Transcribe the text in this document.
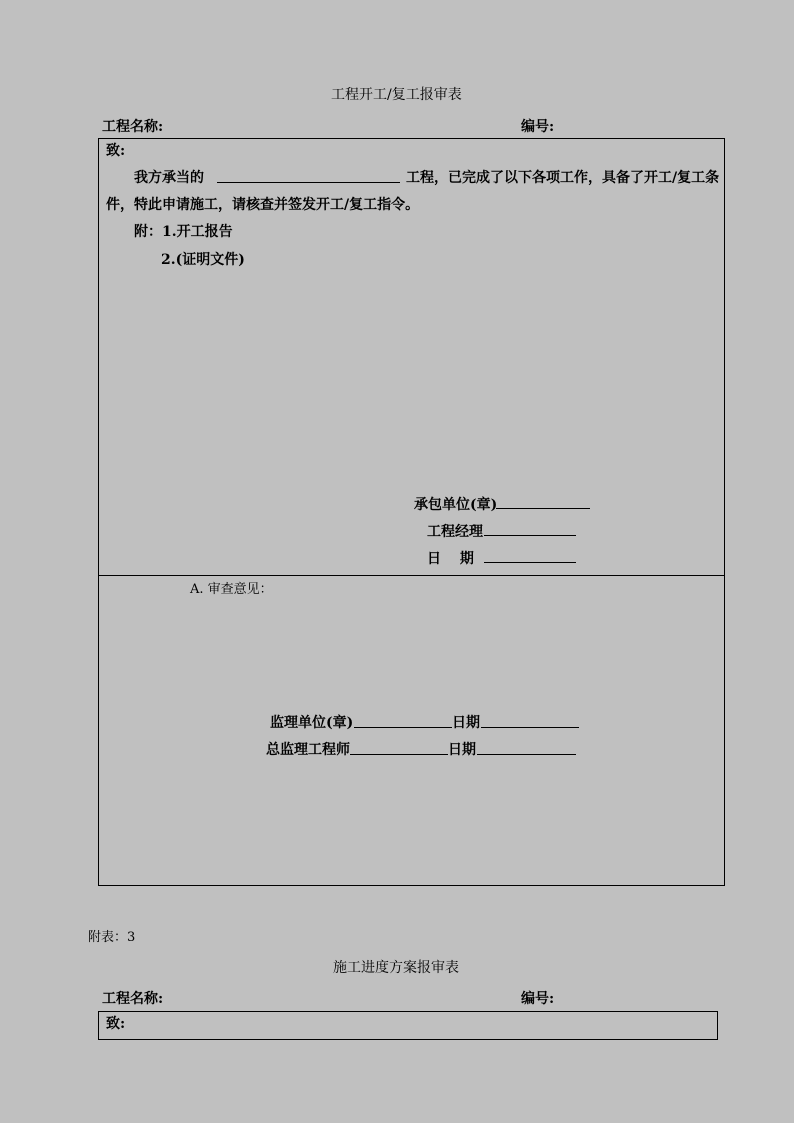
工程开工/复工报审表
工程名称:	编号:
致:
我方承当的	工程，已完成了以下各项工作，具备了开工/复工条
件，特此申请施工，请核查并签发开工/复工指令。
附：1.开工报告
2.(证明文件)
承包单位(章)
工程经理
日　 期
A. 审查意见：
监理单位(章)	日期
总监理工程师	日期
附表：3
施工进度方案报审表
工程名称:	编号:
致:
